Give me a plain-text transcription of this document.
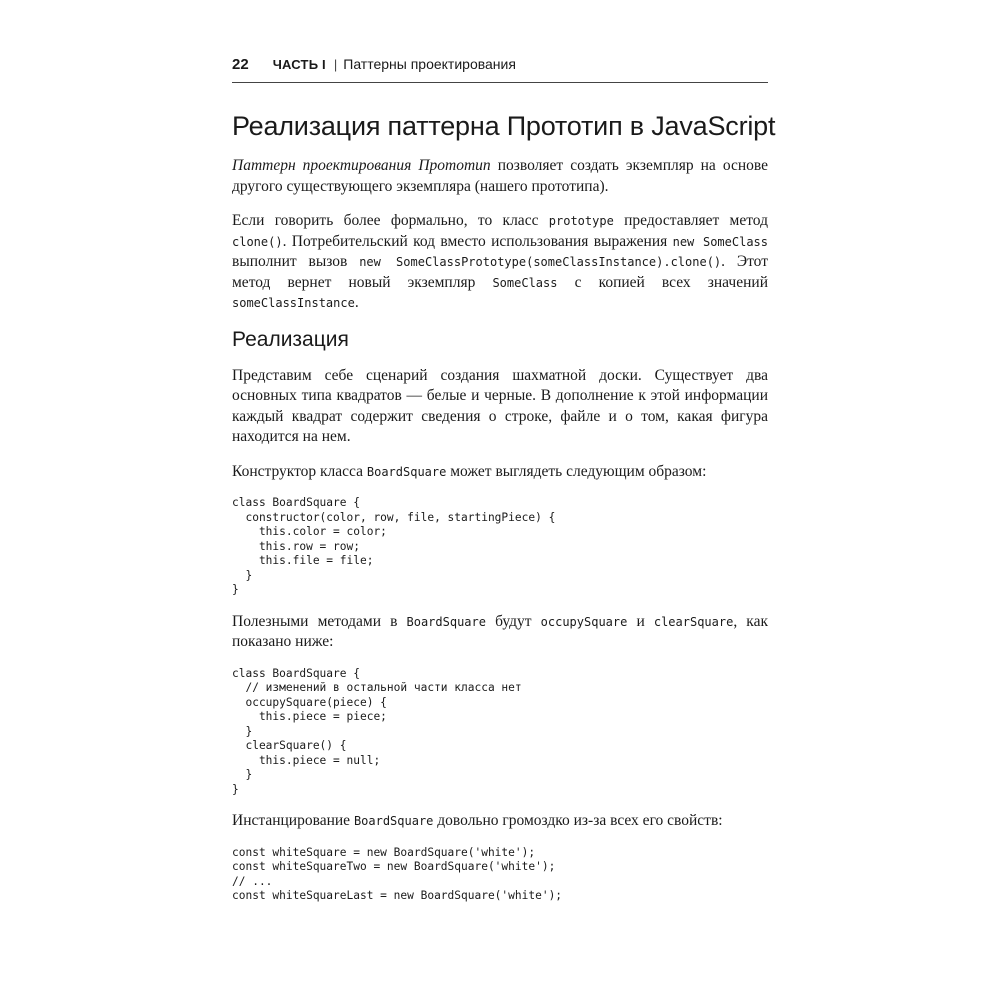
22 ЧАСТЬ I | Паттерны проектирования
Реализация паттерна Прототип в JavaScript

Паттерн проектирования Прототип позволяет создать экземпляр на основе другого существующего экземпляра (нашего прототипа).

Если говорить более формально, то класс prototype предоставляет метод clone(). Потребительский код вместо использования выражения new SomeClass выполнит вызов new SomeClassPrototype(someClassInstance).clone(). Этот метод вернет новый экземпляр SomeClass с копией всех значений someClassInstance.

Реализация

Представим себе сценарий создания шахматной доски. Существует два основных типа квадратов — белые и черные. В дополнение к этой информации каждый квадрат содержит сведения о строке, файле и о том, какая фигура находится на нем.

Конструктор класса BoardSquare может выглядеть следующим образом:

class BoardSquare {
constructor(color, row, file, startingPiece) {
this.color = color;
this.row = row;
this.file = file;
}
}

Полезными методами в BoardSquare будут occupySquare и clearSquare, как показано ниже:

class BoardSquare {
// изменений в остальной части класса нет
occupySquare(piece) {
this.piece = piece;
}
clearSquare() {
this.piece = null;
}
}

Инстанцирование BoardSquare довольно громоздко из-за всех его свойств:

const whiteSquare = new BoardSquare('white');
const whiteSquareTwo = new BoardSquare('white');
// ...
const whiteSquareLast = new BoardSquare('white');
